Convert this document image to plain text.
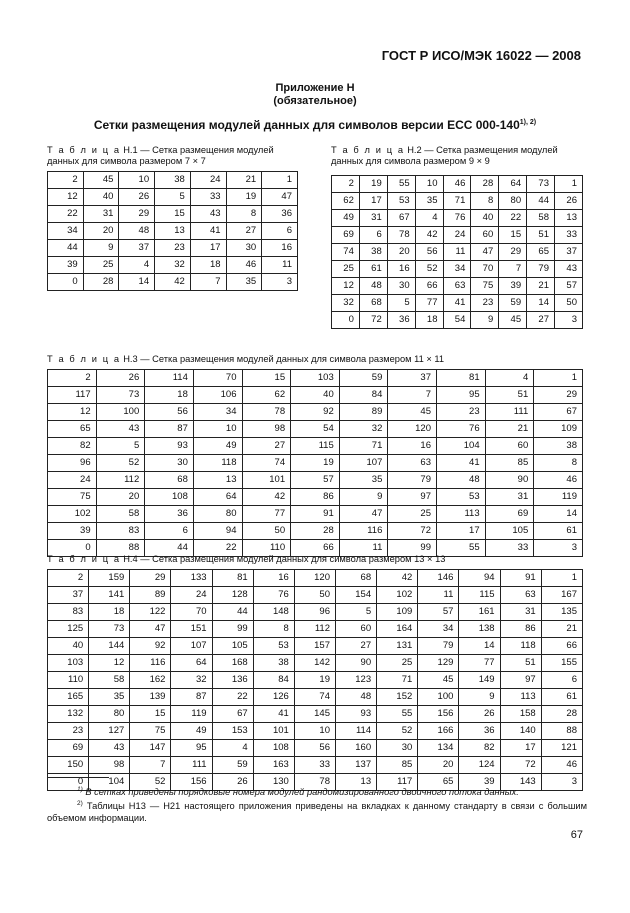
ГОСТ Р ИСО/МЭК 16022 — 2008
Приложение Н
(обязательное)
Сетки размещения модулей данных для символов версии ЕСС $000-140^{1), 2)}$
Т а б л и ц а Н.1 — Сетка размещения модулей данных для символа размером 7 × 7
2	45	10	38	24	21	1
12	40	26	5	33	19	47
22	31	29	15	43	8	36
34	20	48	13	41	27	6
44	9	37	23	17	30	16
39	25	4	32	18	46	11
0	28	14	42	7	35	3
Т а б л и ц а Н.2 — Сетка размещения модулей данных для символа размером 9 × 9
2	19	55	10	46	28	64	73	1
62	17	53	35	71	8	80	44	26
49	31	67	4	76	40	22	58	13
69	6	78	42	24	60	15	51	33
74	38	20	56	11	47	29	65	37
25	61	16	52	34	70	7	79	43
12	48	30	66	63	75	39	21	57
32	68	5	77	41	23	59	14	50
0	72	36	18	54	9	45	27	3
Т а б л и ц а Н.3 — Сетка размещения модулей данных для символа размером 11 × 11
2	26	114	70	15	103	59	37	81	4	1
117	73	18	106	62	40	84	7	95	51	29
12	100	56	34	78	92	89	45	23	111	67
65	43	87	10	98	54	32	120	76	21	109
82	5	93	49	27	115	71	16	104	60	38
96	52	30	118	74	19	107	63	41	85	8
24	112	68	13	101	57	35	79	48	90	46
75	20	108	64	42	86	9	97	53	31	119
102	58	36	80	77	91	47	25	113	69	14
39	83	6	94	50	28	116	72	17	105	61
0	88	44	22	110	66	11	99	55	33	3
Т а б л и ц а Н.4 — Сетка размещения модулей данных для символа размером 13 × 13
2	159	29	133	81	16	120	68	42	146	94	91	1
37	141	89	24	128	76	50	154	102	11	115	63	167
83	18	122	70	44	148	96	5	109	57	161	31	135
125	73	47	151	99	8	112	60	164	34	138	86	21
40	144	92	107	105	53	157	27	131	79	14	118	66
103	12	116	64	168	38	142	90	25	129	77	51	155
110	58	162	32	136	84	19	123	71	45	149	97	6
165	35	139	87	22	126	74	48	152	100	9	113	61
132	80	15	119	67	41	145	93	55	156	26	158	28
23	127	75	49	153	101	10	114	52	166	36	140	88
69	43	147	95	4	108	56	160	30	134	82	17	121
150	98	7	111	59	163	33	137	85	20	124	72	46
0	104	52	156	26	130	78	13	117	65	39	143	3
$^{1)}$ В сетках приведены порядковые номера модулей рандомизированного двоичного потока данных.
$^{2)}$ Таблицы Н13 — Н21 настоящего приложения приведены на вкладках к данному стандарту в связи с большим объемом информации.
67
